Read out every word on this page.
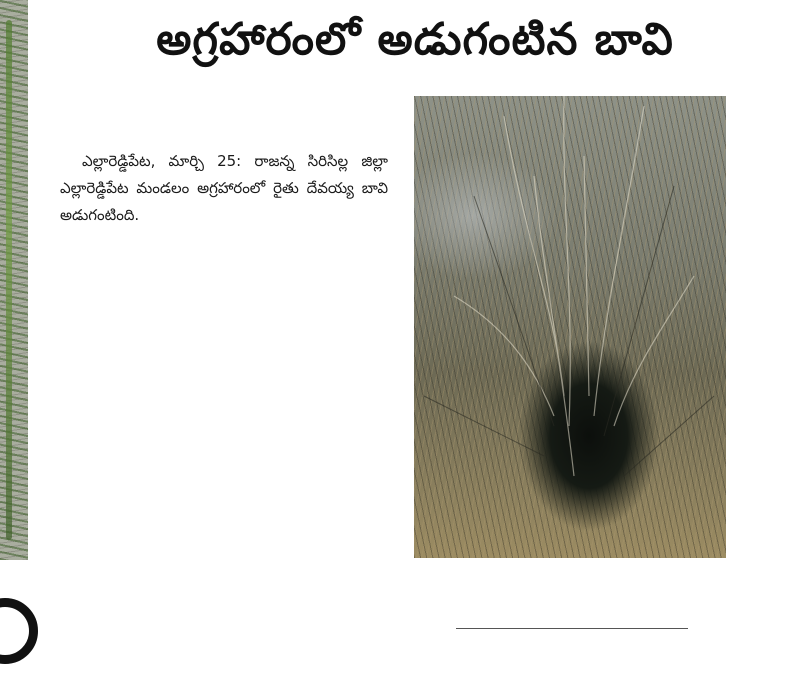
అగ్రహారంలో అడుగంటిన బావి

ఎల్లారెడ్డిపేట, మార్చి 25: రాజన్న సిరిసిల్ల జిల్లా ఎల్లారెడ్డిపేట మండలం అగ్రహారంలో రైతు దేవయ్య బావి అడుగంటింది.
